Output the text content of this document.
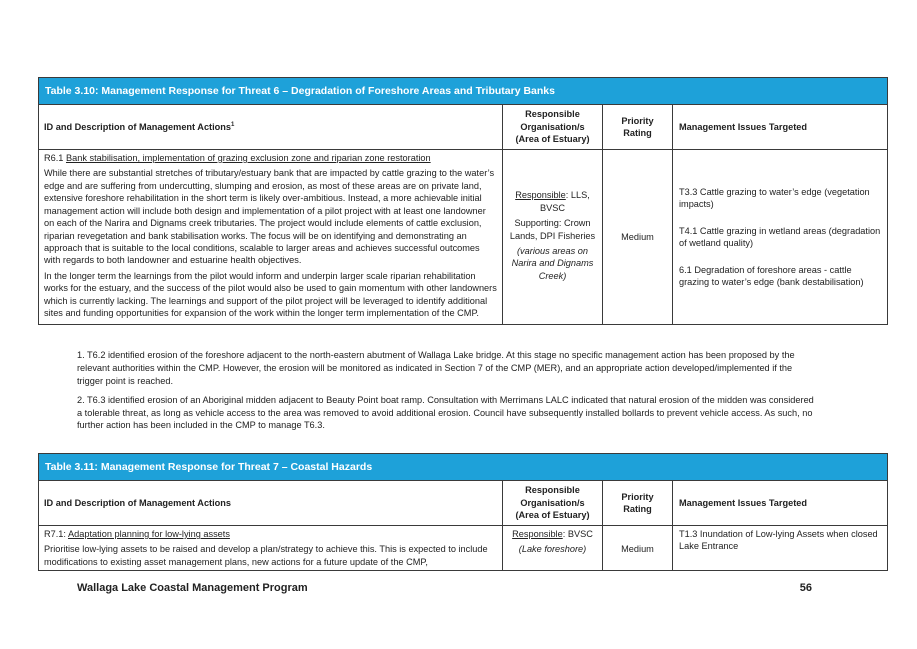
Table 3.10: Management Response for Threat 6 – Degradation of Foreshore Areas and Tributary Banks
ID and Description of Management Actions$^1$
Responsible
Organisation/s
(Area of Estuary)
Priority
Rating
Management Issues Targeted

R6.1 Bank stabilisation, implementation of grazing exclusion zone and riparian zone restoration

While there are substantial stretches of tributary/estuary bank that are impacted by cattle grazing to the water’s edge and are suffering from undercutting, slumping and erosion, as most of these areas are on private land, extensive foreshore rehabilitation in the short term is likely over-ambitious. Instead, a more achievable initial management action will include both design and implementation of a pilot project with at least one landowner on each of the Narira and Dignams creek tributaries. The project would include elements of cattle exclusion, riparian revegetation and bank stabilisation works. The focus will be on identifying and demonstrating an approach that is suitable to the local conditions, scalable to larger areas and achieves successful outcomes with regards to both landowner and estuarine health objectives.

In the longer term the learnings from the pilot would inform and underpin larger scale riparian rehabilitation works for the estuary, and the success of the pilot would also be used to gain momentum with other landowners which is currently lacking. The learnings and support of the pilot project will be leveraged to identify additional sites and funding opportunities for expansion of the work within the longer term implementation of the CMP.

Responsible: LLS, BVSC

Supporting: Crown Lands, DPI Fisheries

(various areas on Narira and Dignams Creek)

Medium

T3.3 Cattle grazing to water’s edge (vegetation impacts)

T4.1 Cattle grazing in wetland areas (degradation of wetland quality)

6.1 Degradation of foreshore areas - cattle grazing to water’s edge (bank destabilisation)

1. T6.2 identified erosion of the foreshore adjacent to the north-eastern abutment of Wallaga Lake bridge. At this stage no specific management action has been proposed by the relevant authorities within the CMP. However, the erosion will be monitored as indicated in Section 7 of the CMP (MER), and an appropriate action developed/implemented if the trigger point is reached.

2. T6.3 identified erosion of an Aboriginal midden adjacent to Beauty Point boat ramp. Consultation with Merrimans LALC indicated that natural erosion of the midden was considered a tolerable threat, as long as vehicle access to the area was removed to avoid additional erosion. Council have subsequently installed bollards to prevent vehicle access. As such, no further action has been included in the CMP to manage T6.3.

Table 3.11: Management Response for Threat 7 – Coastal Hazards
ID and Description of Management Actions
Responsible
Organisation/s
(Area of Estuary)
Priority
Rating
Management Issues Targeted

R7.1: Adaptation planning for low-lying assets

Prioritise low-lying assets to be raised and develop a plan/strategy to achieve this. This is expected to include modifications to existing asset management plans, new actions for a future update of the CMP,

Responsible: BVSC

(Lake foreshore)	Medium

T1.3 Inundation of Low-lying Assets when closed Lake Entrance

Wallaga Lake Coastal Management Program	56
